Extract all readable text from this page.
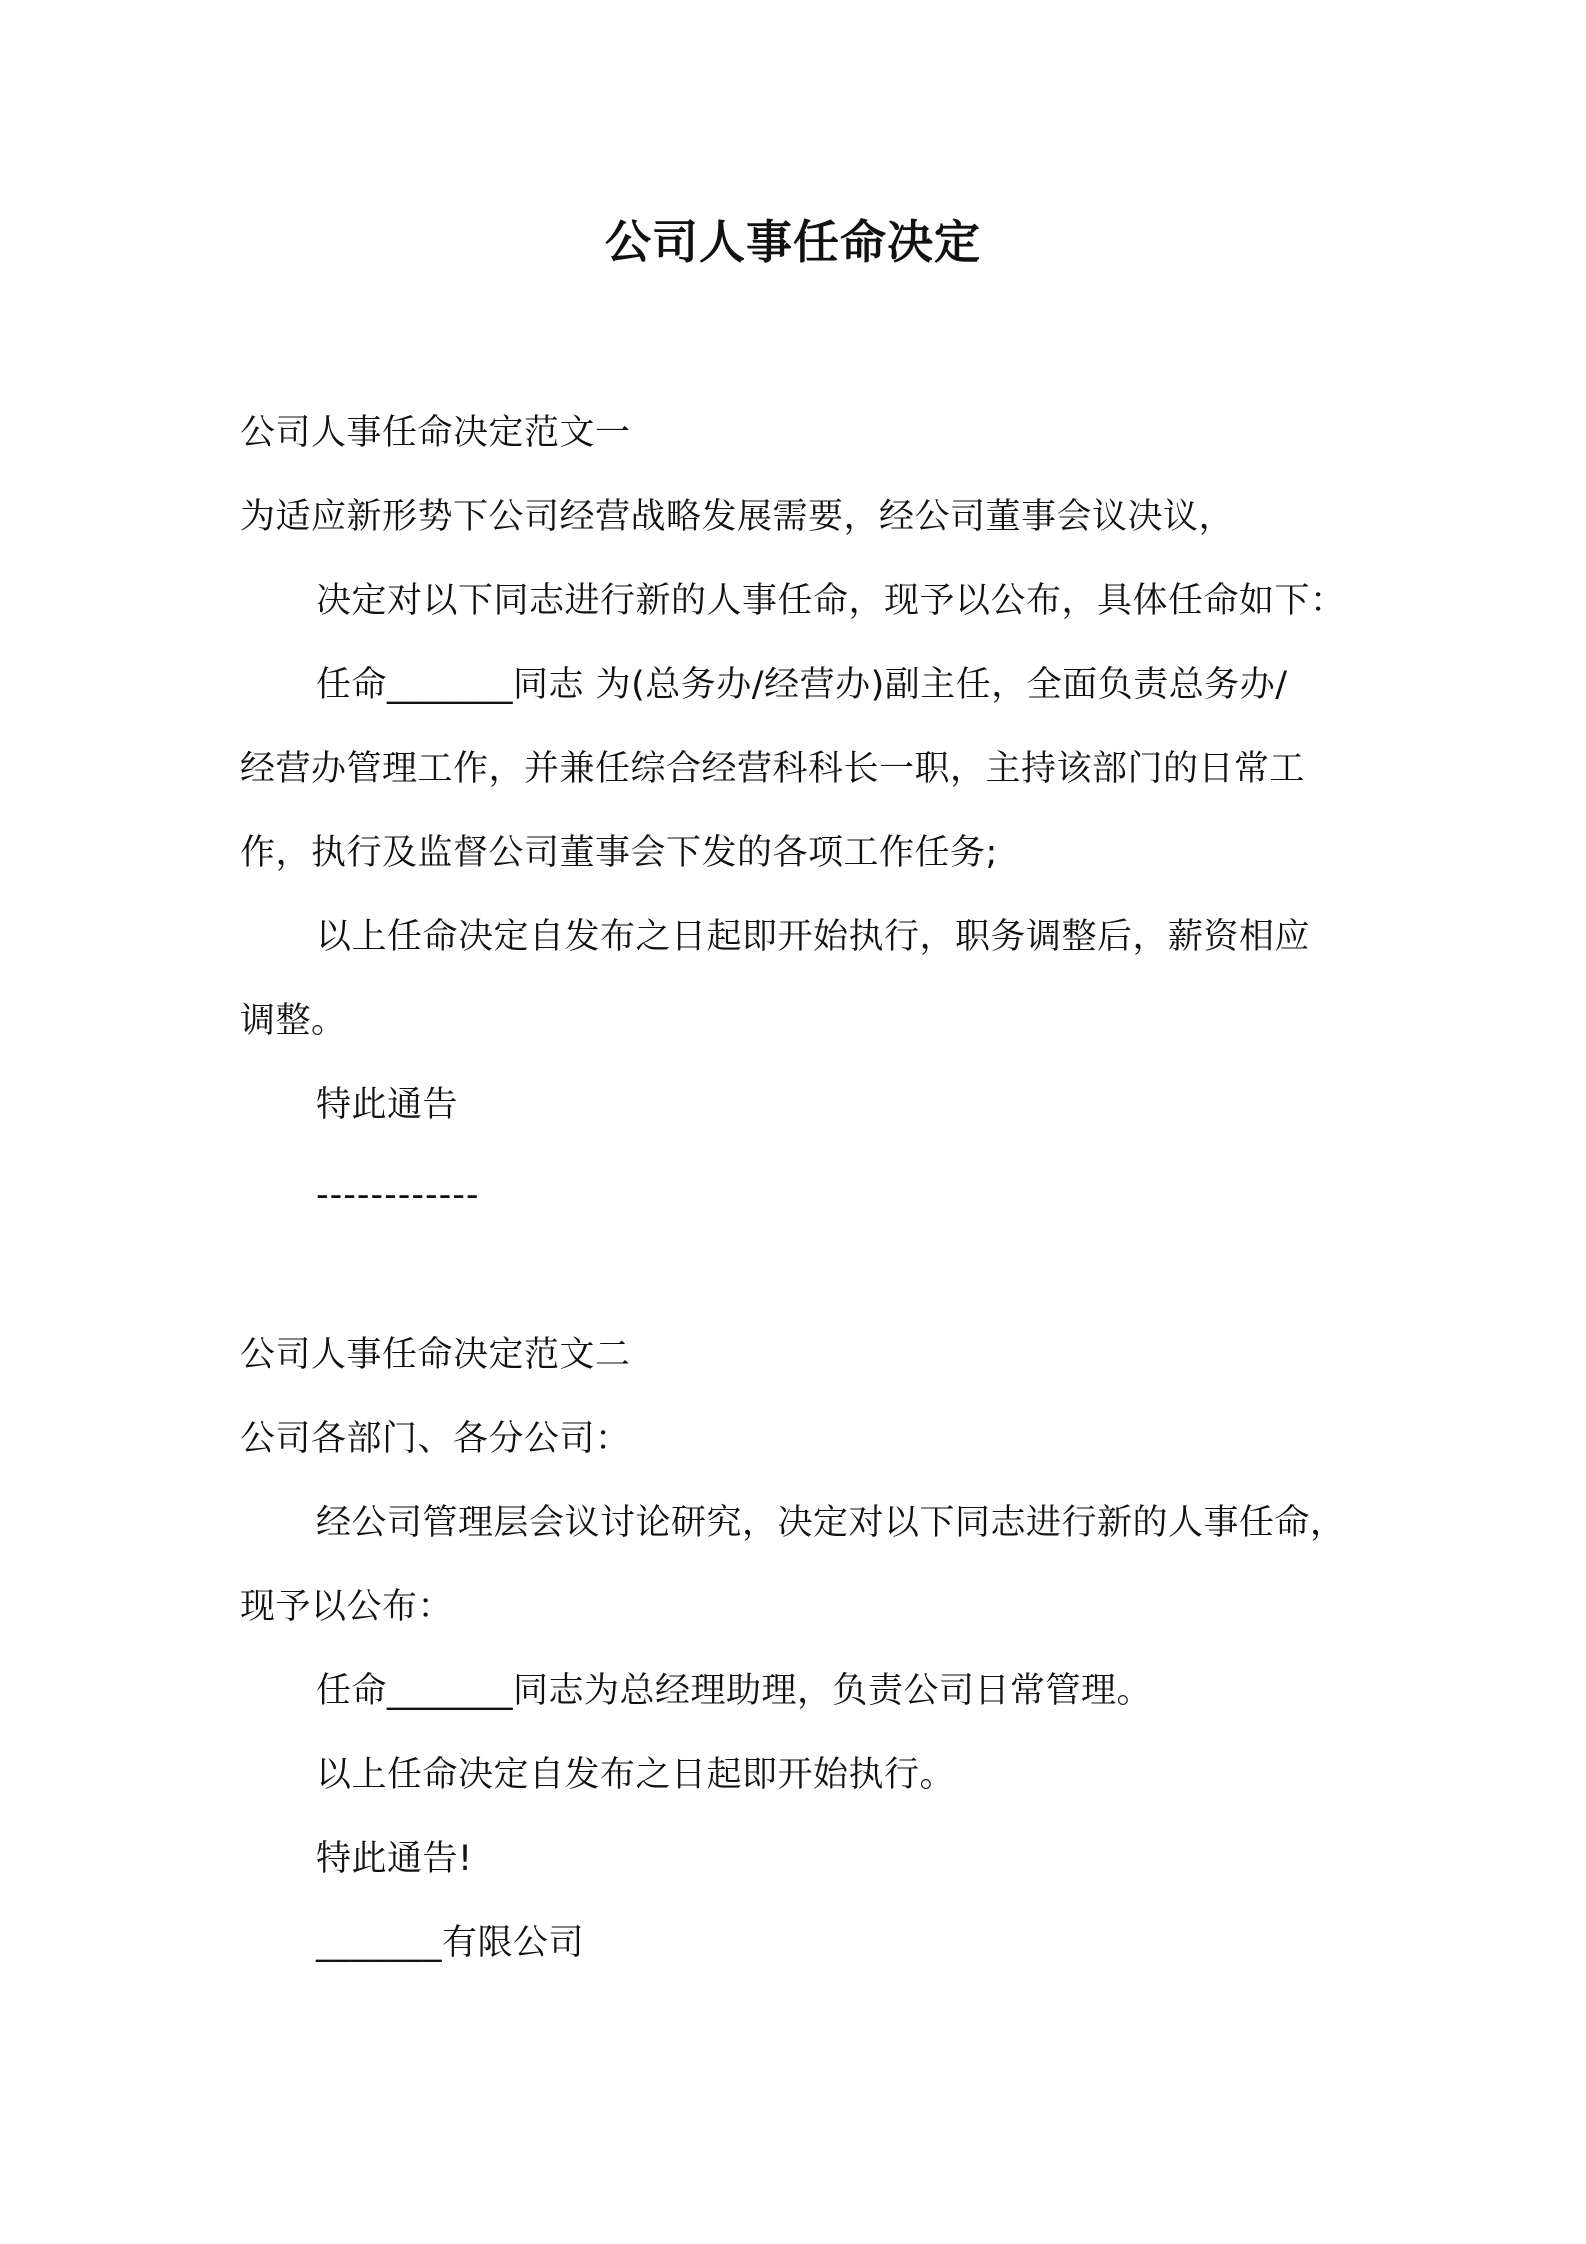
公司人事任命决定
公司人事任命决定范文一
为适应新形势下公司经营战略发展需要，经公司董事会议决议，
决定对以下同志进行新的人事任命，现予以公布，具体任命如下：
任命_______同志 为(总务办/经营办)副主任，全面负责总务办/
经营办管理工作，并兼任综合经营科科长一职，主持该部门的日常工
作，执行及监督公司董事会下发的各项工作任务;
以上任命决定自发布之日起即开始执行，职务调整后，薪资相应
调整。
特此通告
------------
公司人事任命决定范文二
公司各部门、各分公司：
经公司管理层会议讨论研究，决定对以下同志进行新的人事任命，
现予以公布：
任命_______同志为总经理助理，负责公司日常管理。
以上任命决定自发布之日起即开始执行。
特此通告!
_______有限公司
